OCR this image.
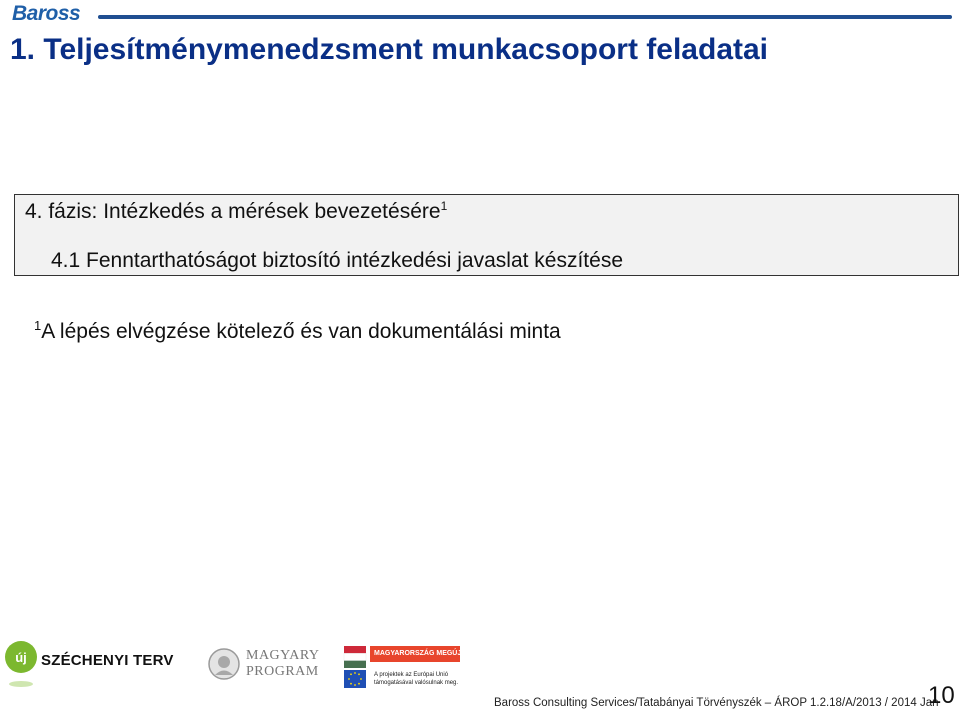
Baross
1. Teljesítménymenedzsment munkacsoport feladatai
4. fázis: Intézkedés a mérések bevezetésére$^1$
4.1 Fenntarthatóságot biztosító intézkedési javaslat készítése
$^1$A lépés elvégzése kötelező és van dokumentálási minta
új SZÉCHENYI TERV	MAGYARY
PROGRAM
MAGYARORSZÁG MEGÚJUL
A projektek az Európai Unió
támogatásával valósulnak meg.
Baross Consulting Services/Tatabányai Törvényszék – ÁROP 1.2.18/A/2013 / 2014 Jan
10
